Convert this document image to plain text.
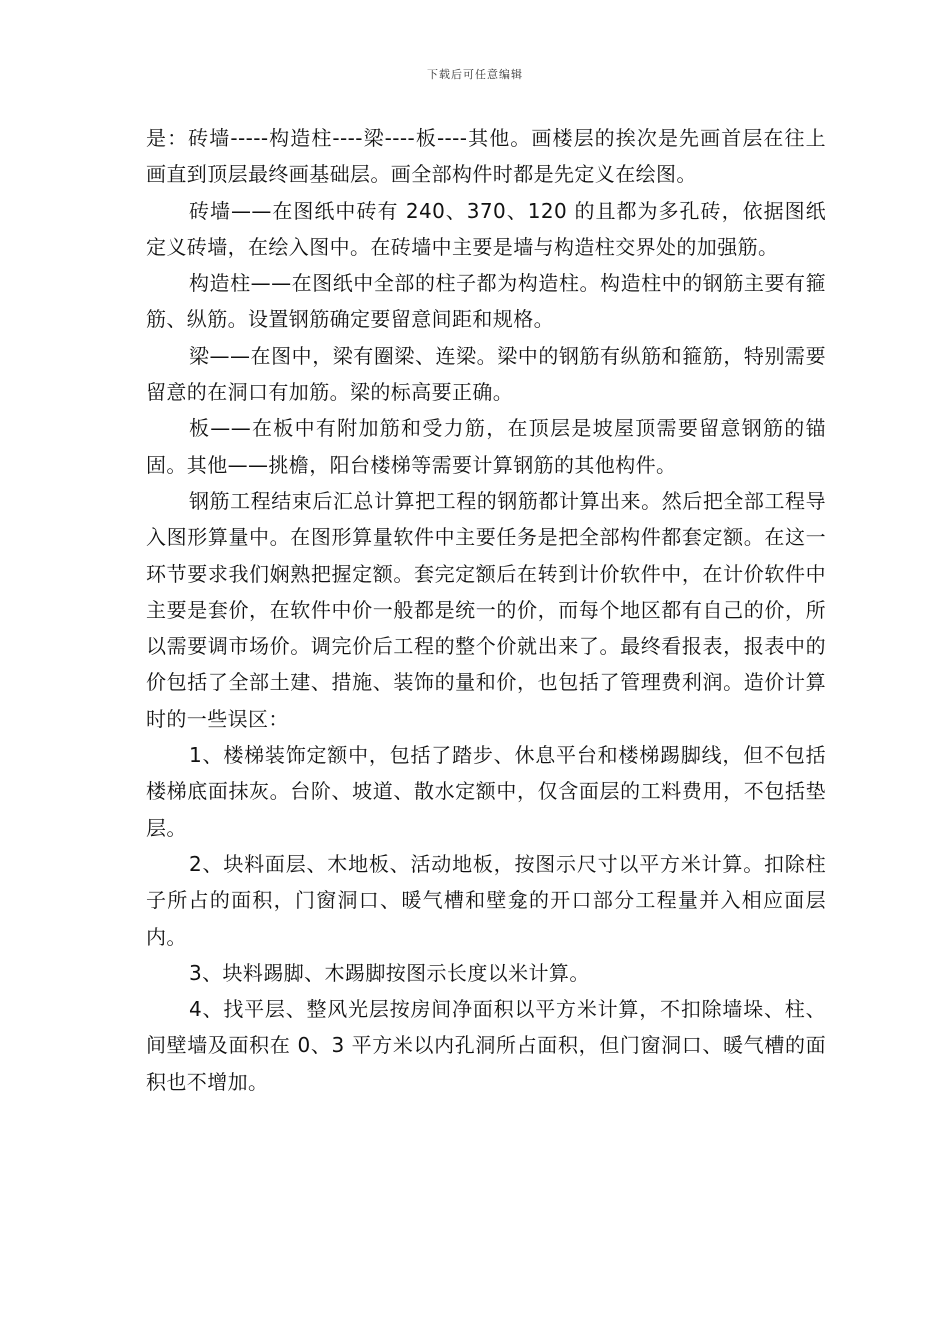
下载后可任意编辑

是：砖墙-----构造柱----梁----板----其他。画楼层的挨次是先画首层在往上画直到顶层最终画基础层。画全部构件时都是先定义在绘图。

砖墙——在图纸中砖有 240、370、120 的且都为多孔砖，依据图纸定义砖墙，在绘入图中。在砖墙中主要是墙与构造柱交界处的加强筋。

构造柱——在图纸中全部的柱子都为构造柱。构造柱中的钢筋主要有箍筋、纵筋。设置钢筋确定要留意间距和规格。

梁——在图中，梁有圈梁、连梁。梁中的钢筋有纵筋和箍筋，特别需要留意的在洞口有加筋。梁的标高要正确。

板——在板中有附加筋和受力筋，在顶层是坡屋顶需要留意钢筋的锚固。其他——挑檐，阳台楼梯等需要计算钢筋的其他构件。

钢筋工程结束后汇总计算把工程的钢筋都计算出来。然后把全部工程导入图形算量中。在图形算量软件中主要任务是把全部构件都套定额。在这一环节要求我们娴熟把握定额。套完定额后在转到计价软件中，在计价软件中主要是套价，在软件中价一般都是统一的价，而每个地区都有自己的价，所以需要调市场价。调完价后工程的整个价就出来了。最终看报表，报表中的价包括了全部土建、措施、装饰的量和价，也包括了管理费利润。造价计算时的一些误区：

1、楼梯装饰定额中，包括了踏步、休息平台和楼梯踢脚线，但不包括楼梯底面抹灰。台阶、坡道、散水定额中，仅含面层的工料费用，不包括垫层。

2、块料面层、木地板、活动地板，按图示尺寸以平方米计算。扣除柱子所占的面积，门窗洞口、暖气槽和壁龛的开口部分工程量并入相应面层内。

3、块料踢脚、木踢脚按图示长度以米计算。

4、找平层、整风光层按房间净面积以平方米计算，不扣除墙垛、柱、间壁墙及面积在 0、3 平方米以内孔洞所占面积，但门窗洞口、暖气槽的面积也不增加。
